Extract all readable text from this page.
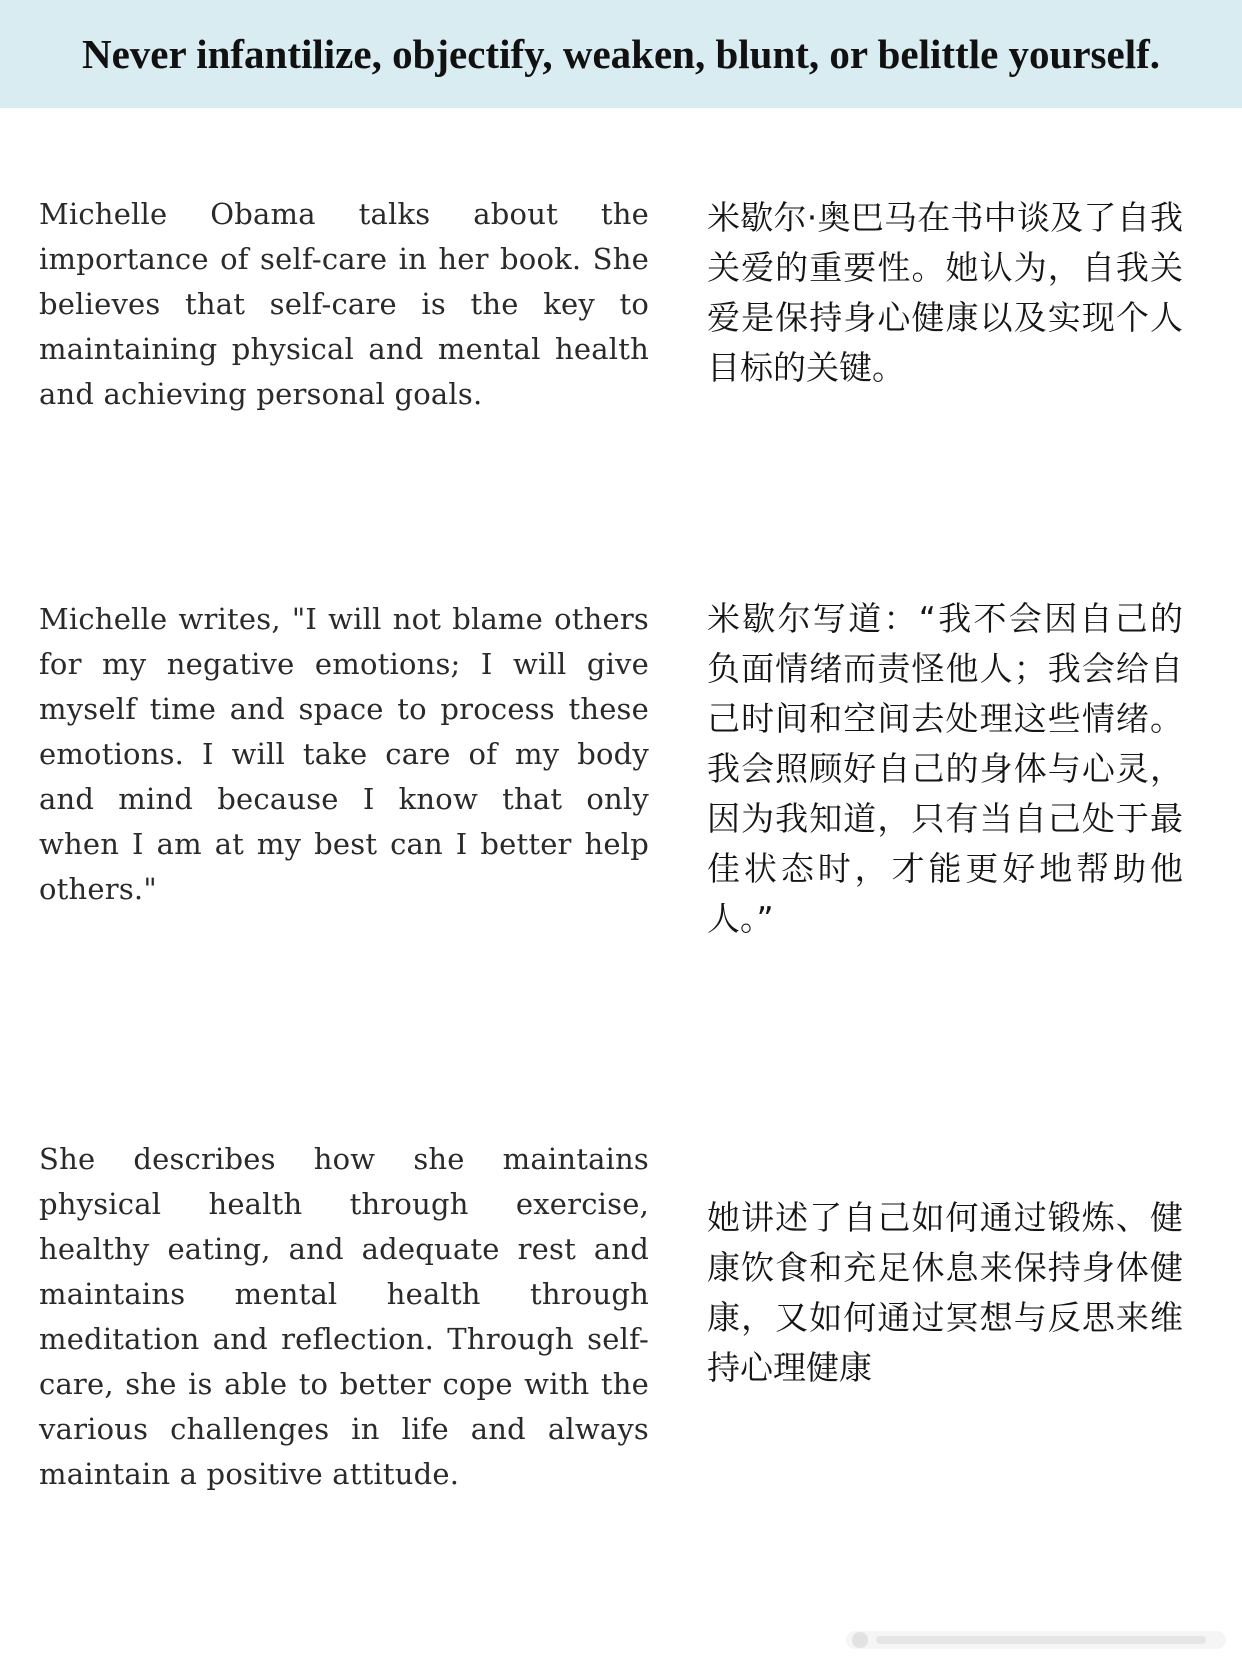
Never infantilize, objectify, weaken, blunt, or belittle yourself.
Michelle Obama talks about the importance of self-care in her book. She believes that self-care is the key to maintaining physical and mental health and achieving personal goals.
米歇尔·奥巴马在书中谈及了自我关爱的重要性。她认为，自我关爱是保持身心健康以及实现个人目标的关键。
Michelle writes, "I will not blame others for my negative emotions; I will give myself time and space to process these emotions. I will take care of my body and mind because I know that only when I am at my best can I better help others."
米歇尔写道：“我不会因自己的负面情绪而责怪他人；我会给自己时间和空间去处理这些情绪。我会照顾好自己的身体与心灵，因为我知道，只有当自己处于最佳状态时，才能更好地帮助他人。”
She describes how she maintains physical health through exercise, healthy eating, and adequate rest and maintains mental health through meditation and reflection. Through self-care, she is able to better cope with the various challenges in life and always maintain a positive attitude.
她讲述了自己如何通过锻炼、健康饮食和充足休息来保持身体健康，又如何通过冥想与反思来维持心理健康
